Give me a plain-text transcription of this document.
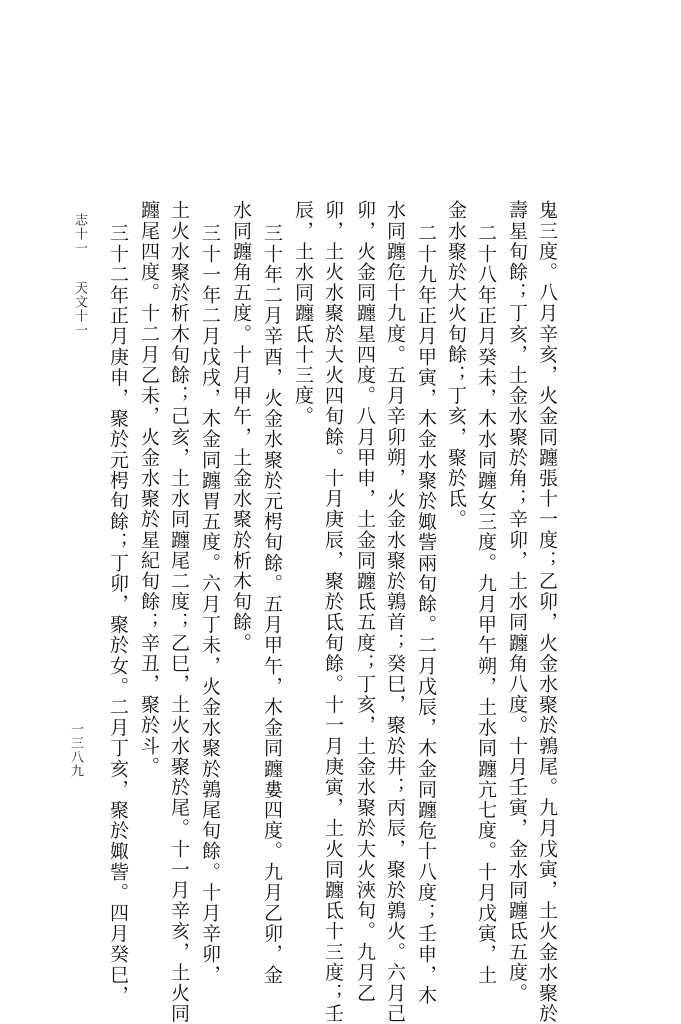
鬼三度。八月辛亥，火金同躔張十一度；乙卯，火金水聚於鶉尾。九月戊寅，土火金水聚於
壽星旬餘；丁亥，土金水聚於角；辛卯，土水同躔角八度。十月壬寅，金水同躔氐五度。
二十八年正月癸未，木水同躔女三度。九月甲午朔，土水同躔亢七度。十月戊寅，土
金水聚於大火旬餘；丁亥，聚於氐。
二十九年正月甲寅，木金水聚於娵訾兩旬餘。二月戊辰，木金同躔危十八度；壬申，木
水同躔危十九度。五月辛卯朔，火金水聚於鶉首；癸巳，聚於井；丙辰，聚於鶉火。六月己
卯，火金同躔星四度。八月甲申，土金同躔氐五度；丁亥，土金水聚於大火浹旬。九月乙
卯，土火水聚於大火四旬餘。十月庚辰，聚於氐旬餘。十一月庚寅，土火同躔氐十三度；壬
辰，土水同躔氐十三度。
三十年二月辛酉，火金水聚於元枵旬餘。五月甲午，木金同躔婁四度。九月乙卯，金
水同躔角五度。十月甲午，土金水聚於析木旬餘。
三十一年二月戊戌，木金同躔胃五度。六月丁未，火金水聚於鶉尾旬餘。十月辛卯，
土火水聚於析木旬餘；己亥，土水同躔尾二度；乙巳，土火水聚於尾。十一月辛亥，土火同
躔尾四度。十二月乙未，火金水聚於星紀旬餘；辛丑，聚於斗。
三十二年正月庚申，聚於元枵旬餘；丁卯，聚於女。二月丁亥，聚於娵訾。四月癸巳，
志十一天文十一
一三八九
